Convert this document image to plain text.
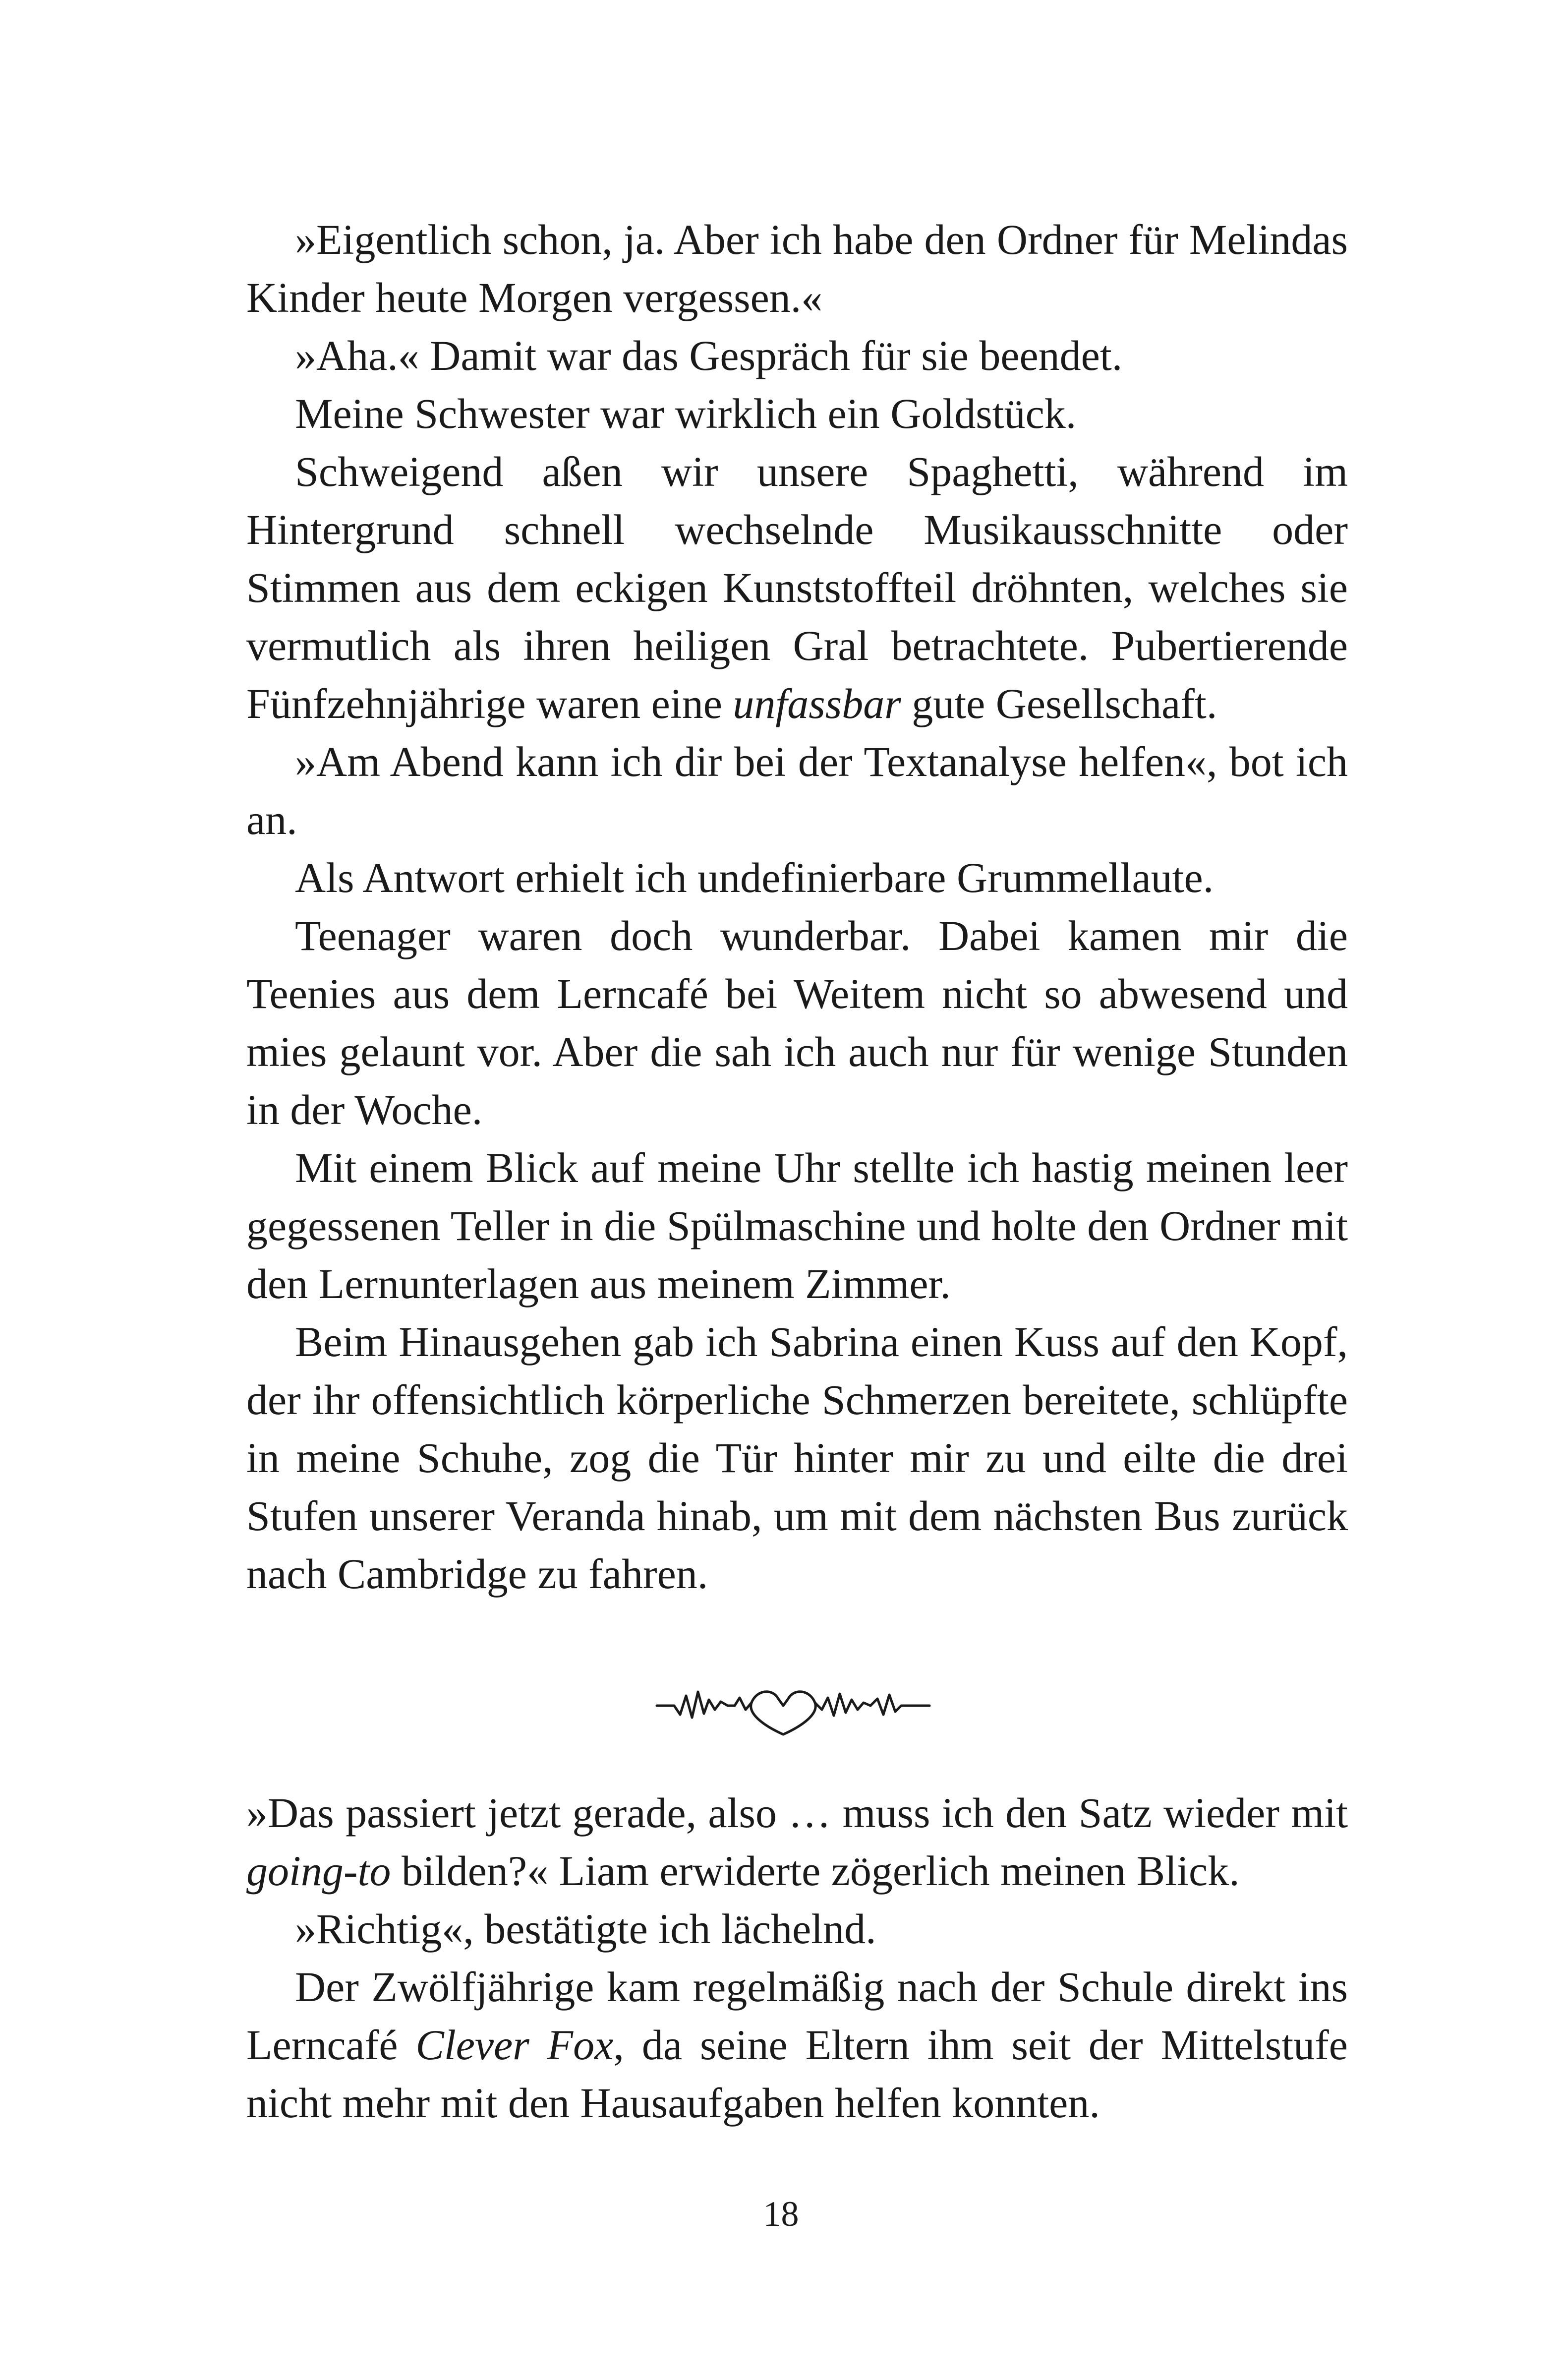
»Eigentlich schon, ja. Aber ich habe den Ordner für Melindas Kinder heute Morgen vergessen.«

»Aha.« Damit war das Gespräch für sie beendet.

Meine Schwester war wirklich ein Goldstück.

Schweigend aßen wir unsere Spaghetti, während im Hintergrund schnell wechselnde Musikausschnitte oder Stimmen aus dem eckigen Kunststoffteil dröhnten, welches sie vermutlich als ihren heiligen Gral betrachtete. Pubertierende Fünfzehnjährige waren eine unfassbar gute Gesellschaft.

»Am Abend kann ich dir bei der Textanalyse helfen«, bot ich an.

Als Antwort erhielt ich undefinierbare Grummellaute.

Teenager waren doch wunderbar. Dabei kamen mir die Teenies aus dem Lerncafé bei Weitem nicht so abwesend und mies gelaunt vor. Aber die sah ich auch nur für wenige Stunden in der Woche.

Mit einem Blick auf meine Uhr stellte ich hastig meinen leer gegessenen Teller in die Spülmaschine und holte den Ordner mit den Lernunterlagen aus meinem Zimmer.

Beim Hinausgehen gab ich Sabrina einen Kuss auf den Kopf, der ihr offensichtlich körperliche Schmerzen bereitete, schlüpfte in meine Schuhe, zog die Tür hinter mir zu und eilte die drei Stufen unserer Veranda hinab, um mit dem nächsten Bus zurück nach Cambridge zu fahren.

»Das passiert jetzt gerade, also … muss ich den Satz wieder mit going-to bilden?« Liam erwiderte zögerlich meinen Blick.

»Richtig«, bestätigte ich lächelnd.

Der Zwölfjährige kam regelmäßig nach der Schule direkt ins Lerncafé Clever Fox, da seine Eltern ihm seit der Mittelstufe nicht mehr mit den Hausaufgaben helfen konnten.

18
